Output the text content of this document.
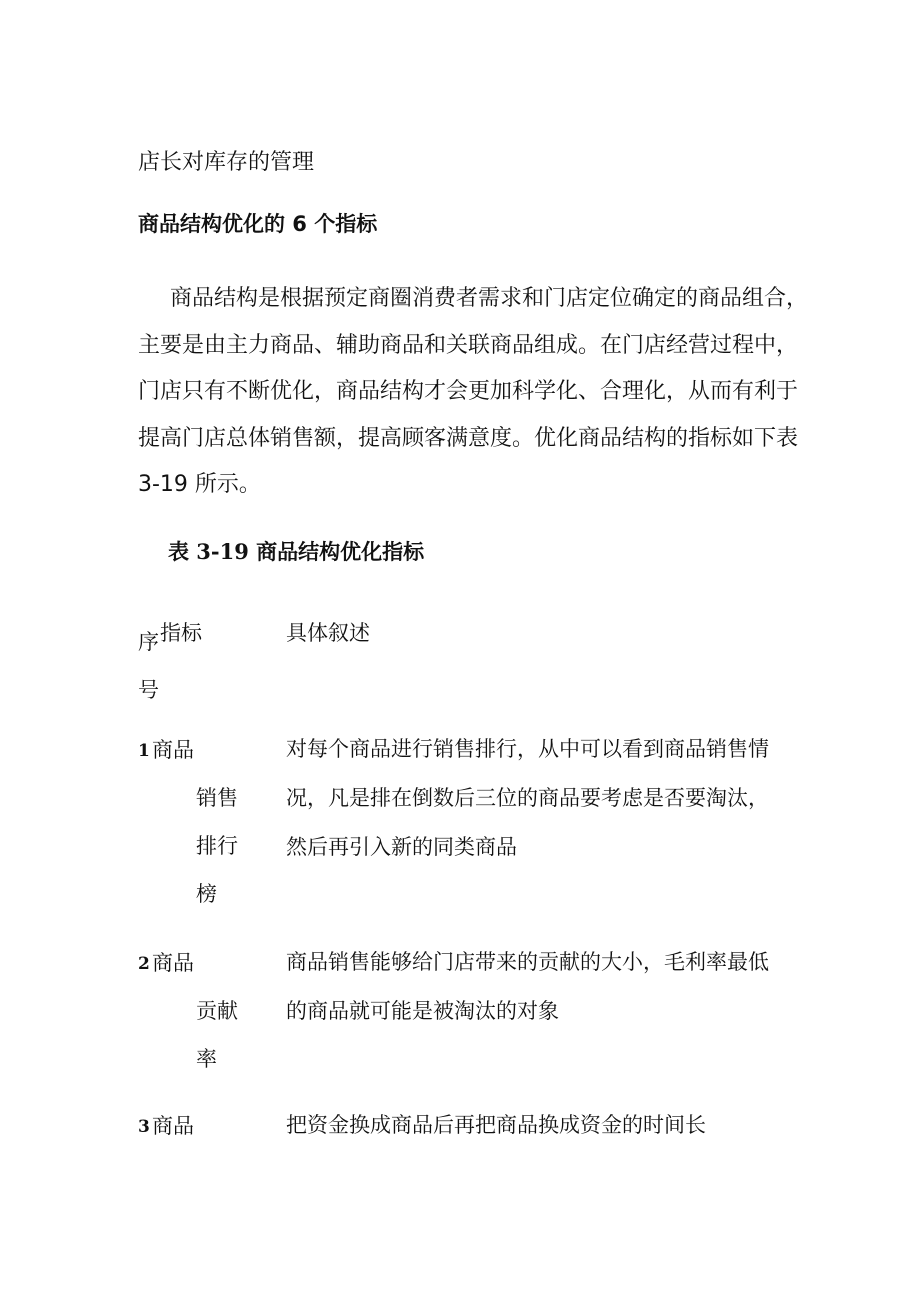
店长对库存的管理
商品结构优化的 6 个指标
商品结构是根据预定商圈消费者需求和门店定位确定的商品组合，
主要是由主力商品、辅助商品和关联商品组成。在门店经营过程中，
门店只有不断优化，商品结构才会更加科学化、合理化，从而有利于
提高门店总体销售额，提高顾客满意度。优化商品结构的指标如下表
3-19 所示。
表 3-19 商品结构优化指标
序
号
指标	具体叙述
1 商品
销售排行榜
对每个商品进行销售排行，从中可以看到商品销售情况，凡是排在倒数后三位的商品要考虑是否要淘汰，然后再引入新的同类商品
2 商品
贡献率
商品销售能够给门店带来的贡献的大小，毛利率最低的商品就可能是被淘汰的对象
3 商品	把资金换成商品后再把商品换成资金的时间长
